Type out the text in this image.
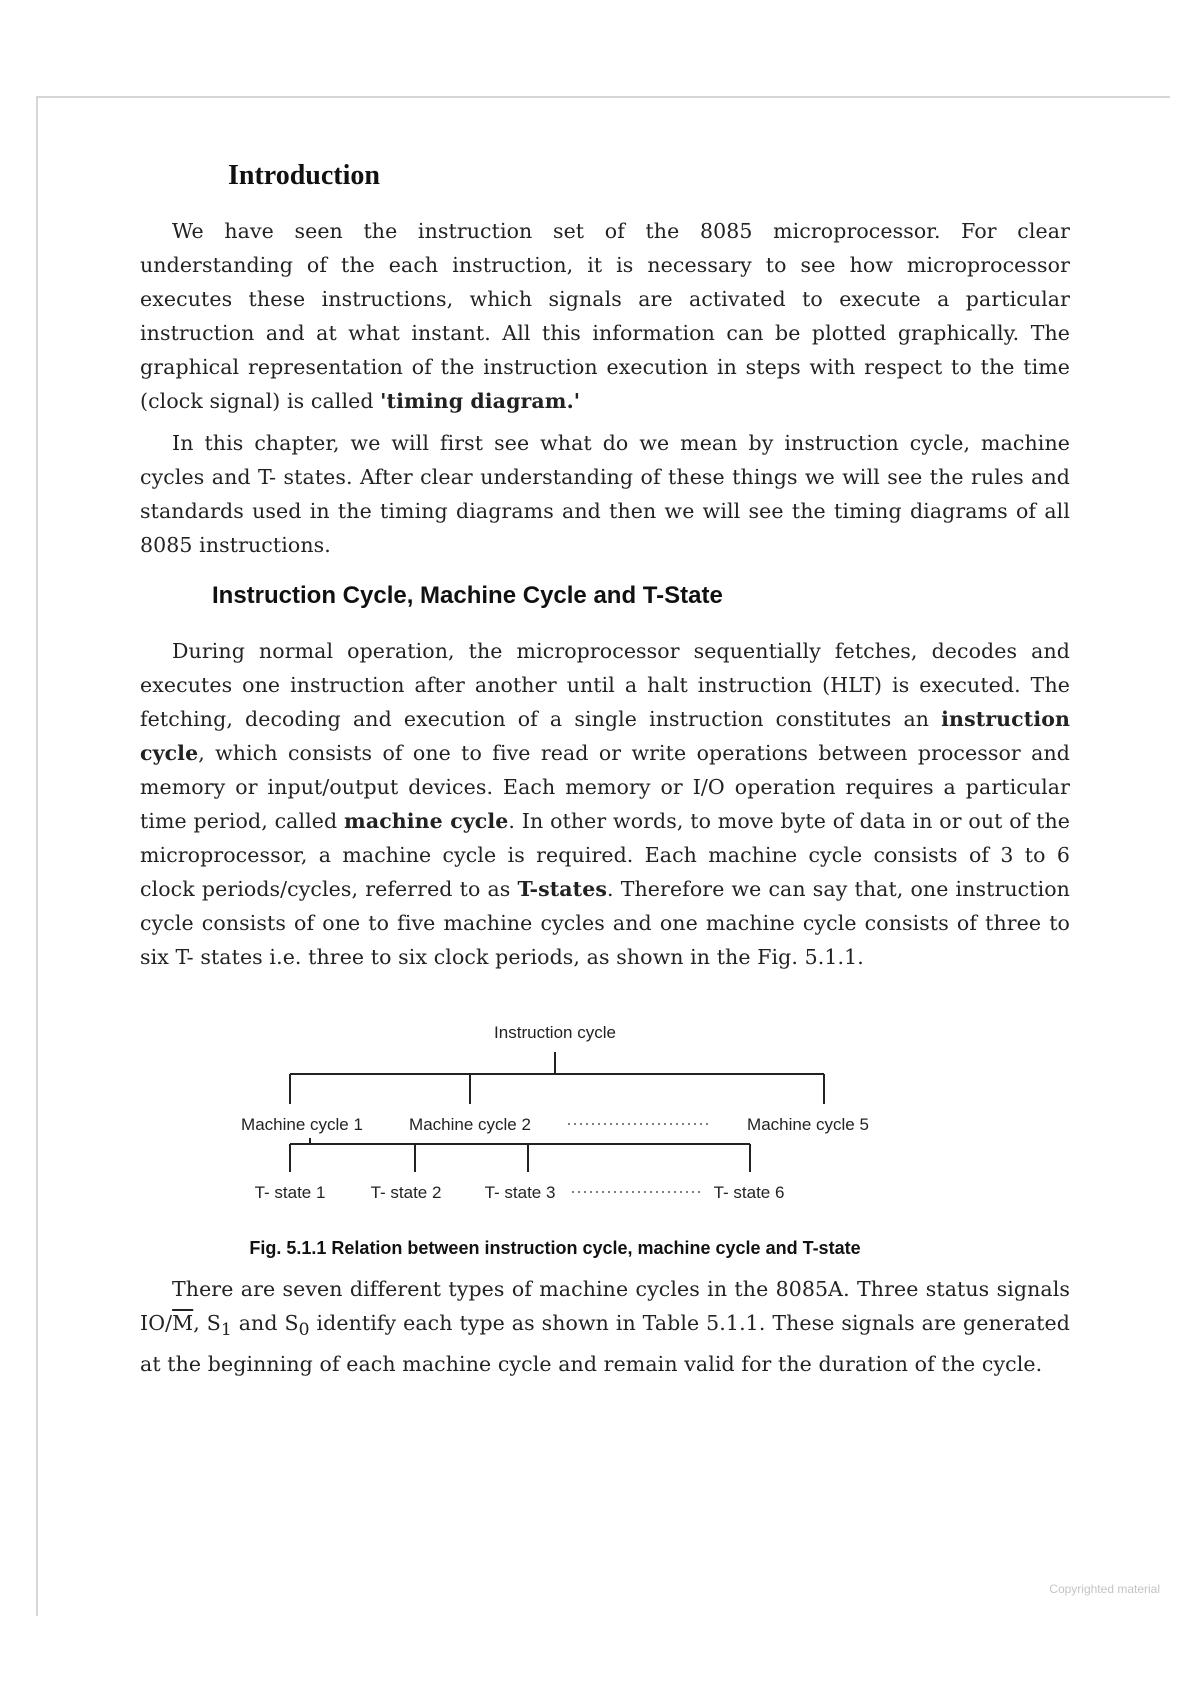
Introduction

We have seen the instruction set of the 8085 microprocessor. For clear understanding of the each instruction, it is necessary to see how microprocessor executes these instructions, which signals are activated to execute a particular instruction and at what instant. All this information can be plotted graphically. The graphical representation of the instruction execution in steps with respect to the time (clock signal) is called 'timing diagram.'

In this chapter, we will first see what do we mean by instruction cycle, machine cycles and T- states. After clear understanding of these things we will see the rules and standards used in the timing diagrams and then we will see the timing diagrams of all 8085 instructions.

Instruction Cycle, Machine Cycle and T-State

During normal operation, the microprocessor sequentially fetches, decodes and executes one instruction after another until a halt instruction (HLT) is executed. The fetching, decoding and execution of a single instruction constitutes an instruction cycle, which consists of one to five read or write operations between processor and memory or input/output devices. Each memory or I/O operation requires a particular time period, called machine cycle. In other words, to move byte of data in or out of the microprocessor, a machine cycle is required. Each machine cycle consists of 3 to 6 clock periods/cycles, referred to as T-states. Therefore we can say that, one instruction cycle consists of one to five machine cycles and one machine cycle consists of three to six T- states i.e. three to six clock periods, as shown in the Fig. 5.1.1.

Instruction cycle
Machine cycle 1	Machine cycle 2	Machine cycle 5
T- state 1	T- state 2	T- state 3	T- state 6
Fig. 5.1.1 Relation between instruction cycle, machine cycle and T-state

There are seven different types of machine cycles in the 8085A. Three status signals $IO/\overline{M}$, $S_1$ and $S_0$ identify each type as shown in Table 5.1.1. These signals are generated at the beginning of each machine cycle and remain valid for the duration of the cycle.

Copyrighted material
